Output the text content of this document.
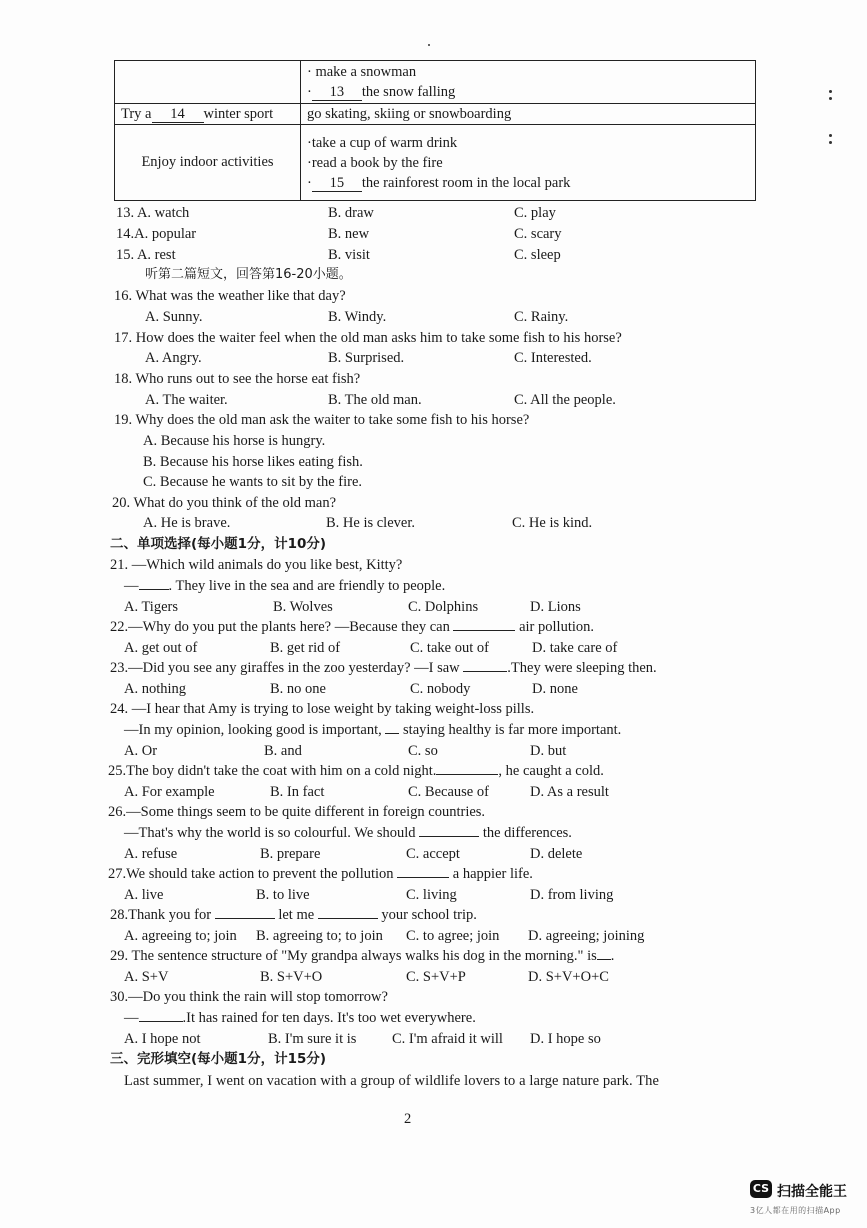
	· make a snowman
· 13 the snow falling

Try a 14 winter sport	go skating, skiing or snowboarding
Enjoy indoor activities	·take a cup of warm drink
·read a book by the fire
· 15 the rainforest room in the local park
13. A. watch	B. draw	C. play
14.A. popular	B. new	C. scary
15. A. rest	B. visit	C. sleep
听第二篇短文，回答第16-20小题。
16. What was the weather like that day?
A. Sunny.	B. Windy.	C. Rainy.
17. How does the waiter feel when the old man asks him to take some fish to his horse?
A. Angry.	B. Surprised.	C. Interested.
18. Who runs out to see the horse eat fish?
A. The waiter.	B. The old man.	C. All the people.
19. Why does the old man ask the waiter to take some fish to his horse?
A. Because his horse is hungry.
B. Because his horse likes eating fish.
C. Because he wants to sit by the fire.
20. What do you think of the old man?
A. He is brave.	B. He is clever.	C. He is kind.
二、单项选择(每小题1分，计10分)
21. —Which wild animals do you like best, Kitty?
— . They live in the sea and are friendly to people.
A. Tigers	B. Wolves	C. Dolphins	D. Lions
22.—Why do you put the plants here? —Because they can	air pollution.
A. get out of	B. get rid of	C. take out of	D. take care of
23.—Did you see any giraffes in the zoo yesterday? —I saw	.They were sleeping then.
A. nothing	B. no one	C. nobody	D. none
24. —I hear that Amy is trying to lose weight by taking weight-loss pills.
—In my opinion, looking good is important, staying healthy is far more important.
A. Or	B. and	C. so	D. but
25.The boy didn't take the coat with him on a cold night.	, he caught a cold.
A. For example	B. In fact	C. Because of	D. As a result
26.—Some things seem to be quite different in foreign countries.
—That's why the world is so colourful. We should	the differences.
A. refuse	B. prepare	C. accept	D. delete
27.We should take action to prevent the pollution	a happier life.
A. live	B. to live	C. living	D. from living
28.Thank you for	let me	your school trip.
A. agreeing to; join B. agreeing to; to join C. to agree; join D. agreeing; joining
29. The sentence structure of "My grandpa always walks his dog in the morning." is .
A. S+V	B. S+V+O	C. S+V+P	D. S+V+O+C
30.—Do you think the rain will stop tomorrow?
—	.It has rained for ten days. It's too wet everywhere.
A. I hope not	B. I'm sure it is C. I'm afraid it will D. I hope so
三、完形填空(每小题1分，计15分)
Last summer, I went on vacation with a group of wildlife lovers to a large nature park. The
2
CS 扫描全能王
3亿人都在用的扫描App
